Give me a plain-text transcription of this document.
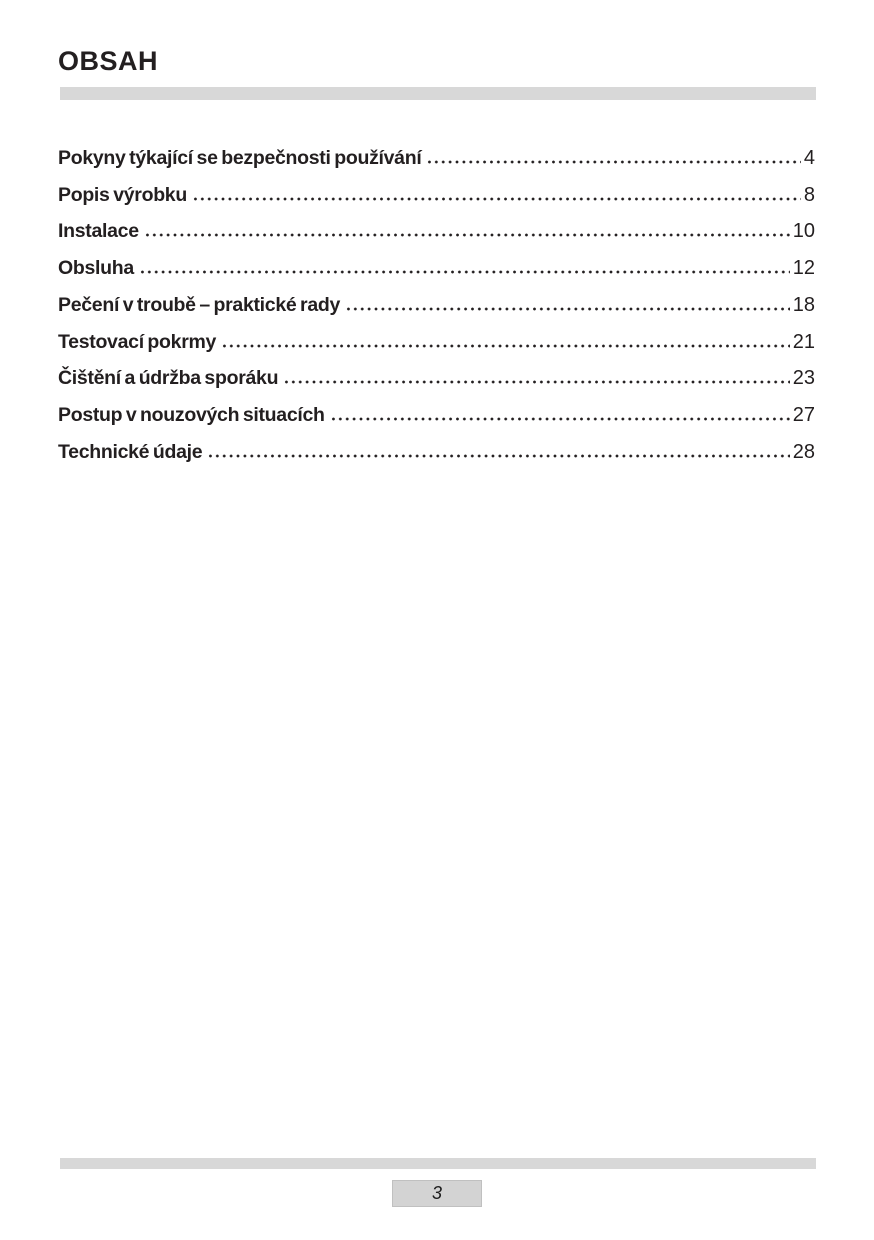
OBSAH
Pokyny týkající se bezpečnosti používání	4
Popis výrobku	8
Instalace	10
Obsluha	12
Pečení v troubě – praktické rady	18
Testovací pokrmy	21
Čištění a údržba sporáku	23
Postup v nouzových situacích	27
Technické údaje	28
3
